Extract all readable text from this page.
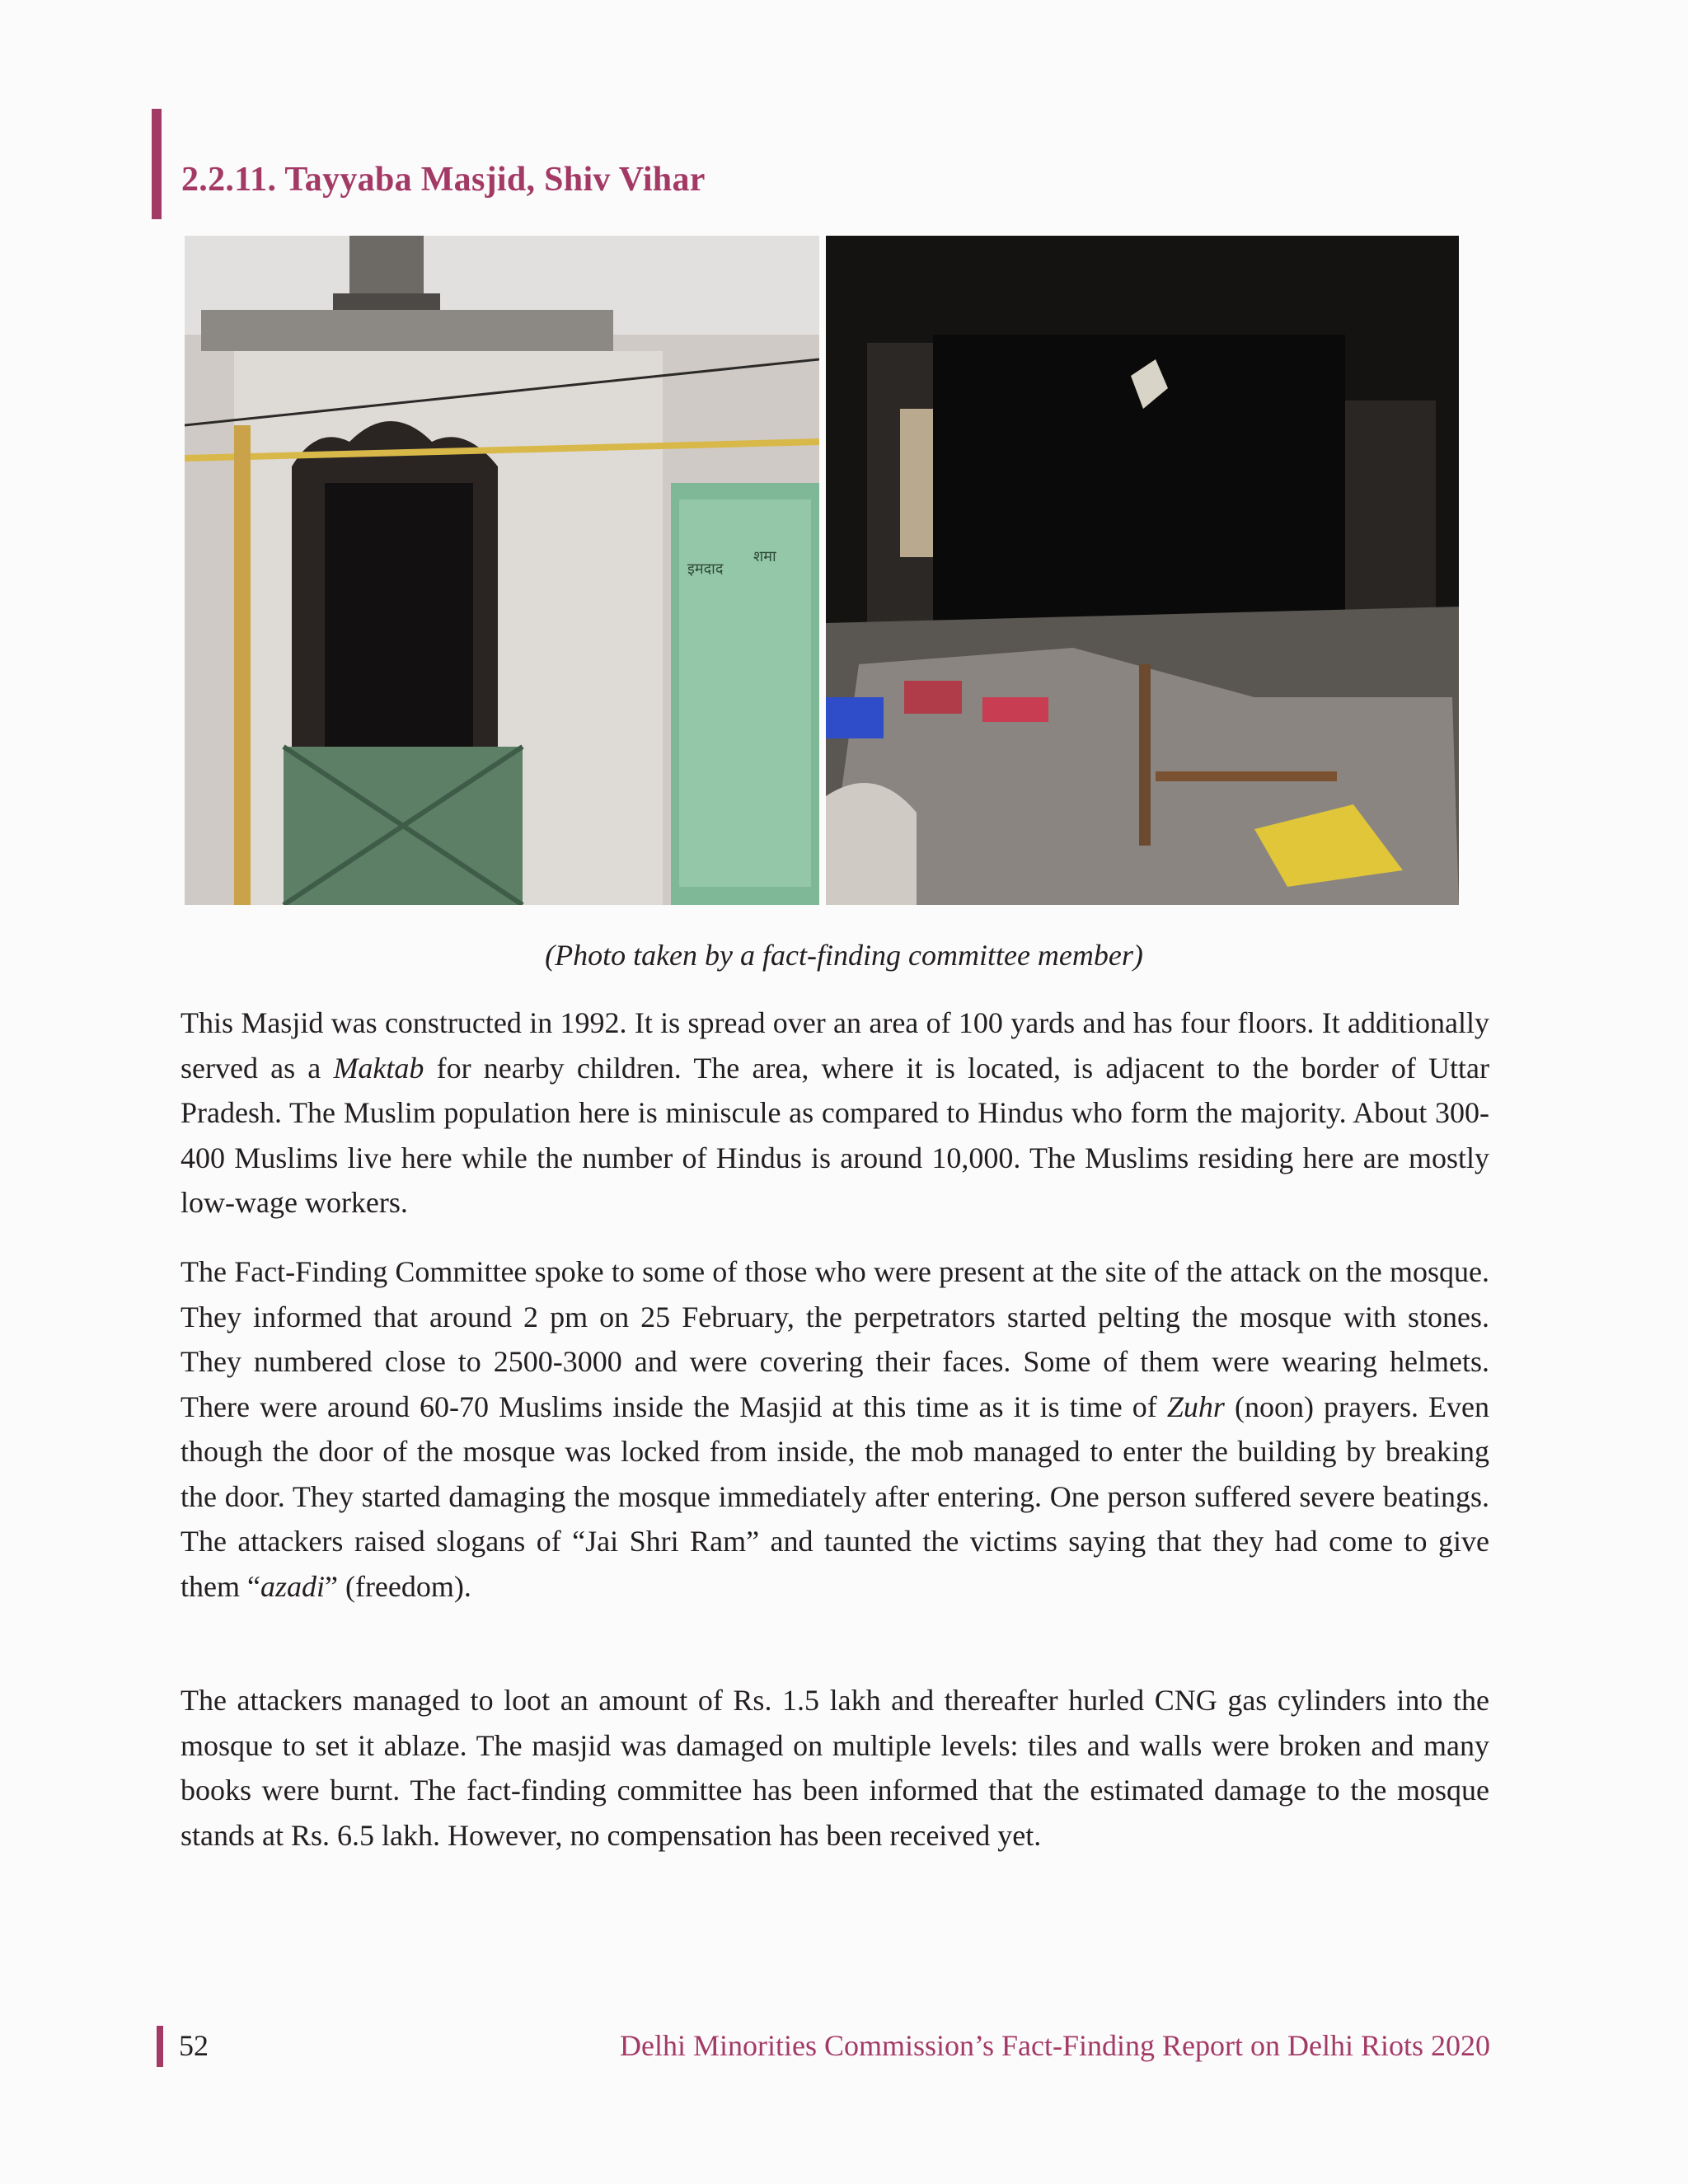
2.2.11. Tayyaba Masjid, Shiv Vihar
इमदाद
शमा
(Photo taken by a fact-finding committee member)

This Masjid was constructed in 1992. It is spread over an area of 100 yards and has four floors. It additionally served as a Maktab for nearby children. The area, where it is located, is adjacent to the border of Uttar Pradesh. The Muslim population here is miniscule as compared to Hindus who form the majority. About 300-400 Muslims live here while the number of Hindus is around 10,000. The Muslims residing here are mostly low-wage workers.

The Fact-Finding Committee spoke to some of those who were present at the site of the attack on the mosque. They informed that around 2 pm on 25 February, the perpetrators started pelting the mosque with stones. They numbered close to 2500-3000 and were covering their faces. Some of them were wearing helmets. There were around 60-70 Muslims inside the Masjid at this time as it is time of Zuhr (noon) prayers. Even though the door of the mosque was locked from inside, the mob managed to enter the building by breaking the door. They started damaging the mosque immediately after entering. One person suffered severe beatings. The attackers raised slogans of “Jai Shri Ram” and taunted the victims saying that they had come to give them “azadi” (freedom).

The attackers managed to loot an amount of Rs. 1.5 lakh and thereafter hurled CNG gas cylinders into the mosque to set it ablaze. The masjid was damaged on multiple levels: tiles and walls were broken and many books were burnt. The fact-finding committee has been informed that the estimated damage to the mosque stands at Rs. 6.5 lakh. However, no compensation has been received yet.

52	Delhi Minorities Commission’s Fact-Finding Report on Delhi Riots 2020
